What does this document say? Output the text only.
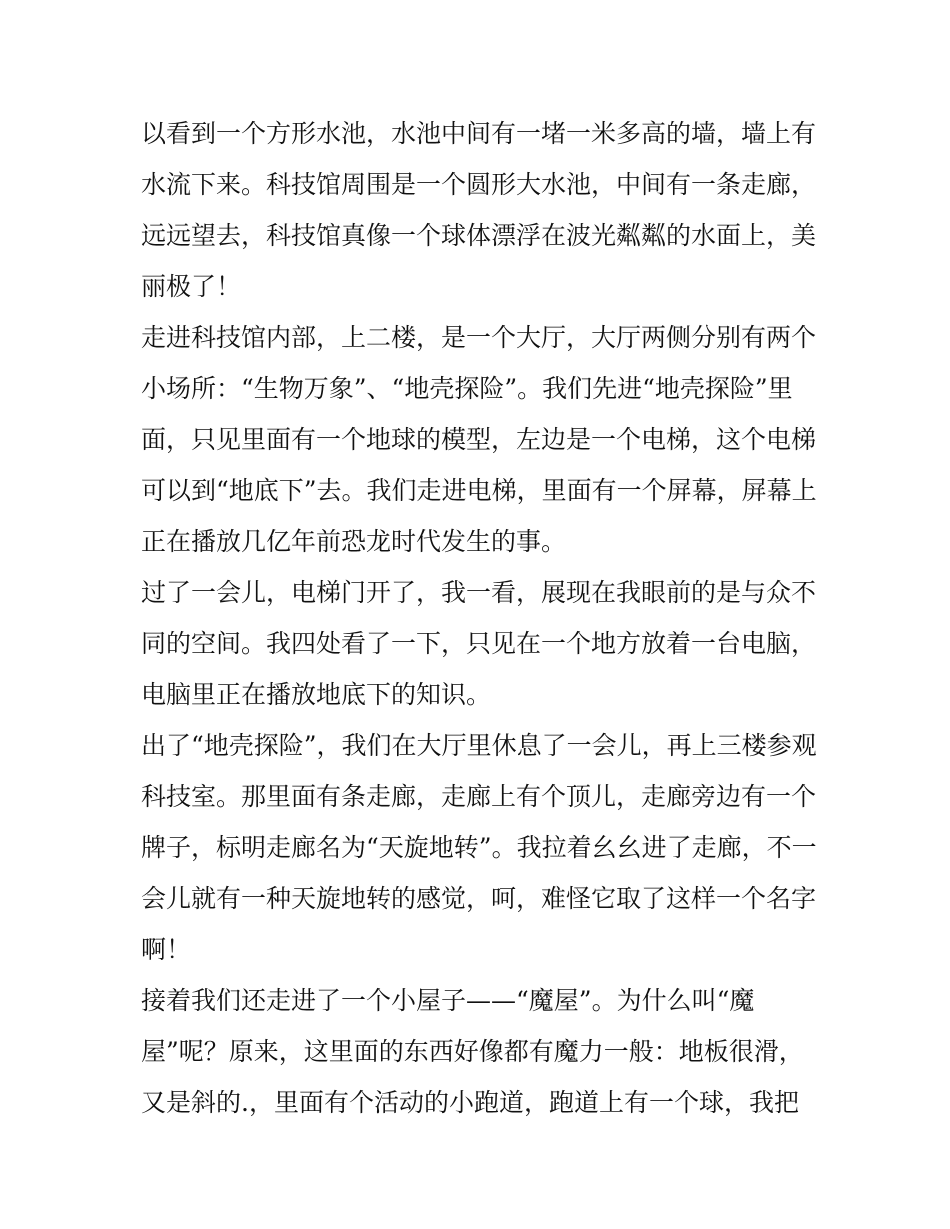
以看到一个方形水池，水池中间有一堵一米多高的墙，墙上有
水流下来。科技馆周围是一个圆形大水池，中间有一条走廊，
远远望去，科技馆真像一个球体漂浮在波光粼粼的水面上，美
丽极了！
走进科技馆内部，上二楼，是一个大厅，大厅两侧分别有两个
小场所：“生物万象”、“地壳探险”。我们先进“地壳探险”里
面，只见里面有一个地球的模型，左边是一个电梯，这个电梯
可以到“地底下”去。我们走进电梯，里面有一个屏幕，屏幕上
正在播放几亿年前恐龙时代发生的事。
过了一会儿，电梯门开了，我一看，展现在我眼前的是与众不
同的空间。我四处看了一下，只见在一个地方放着一台电脑，
电脑里正在播放地底下的知识。
出了“地壳探险”，我们在大厅里休息了一会儿，再上三楼参观
科技室。那里面有条走廊，走廊上有个顶儿，走廊旁边有一个
牌子，标明走廊名为“天旋地转”。我拉着幺幺进了走廊，不一
会儿就有一种天旋地转的感觉，呵，难怪它取了这样一个名字
啊！
接着我们还走进了一个小屋子——“魔屋”。为什么叫“魔
屋”呢？原来，这里面的东西好像都有魔力一般：地板很滑，
又是斜的.，里面有个活动的小跑道，跑道上有一个球，我把
